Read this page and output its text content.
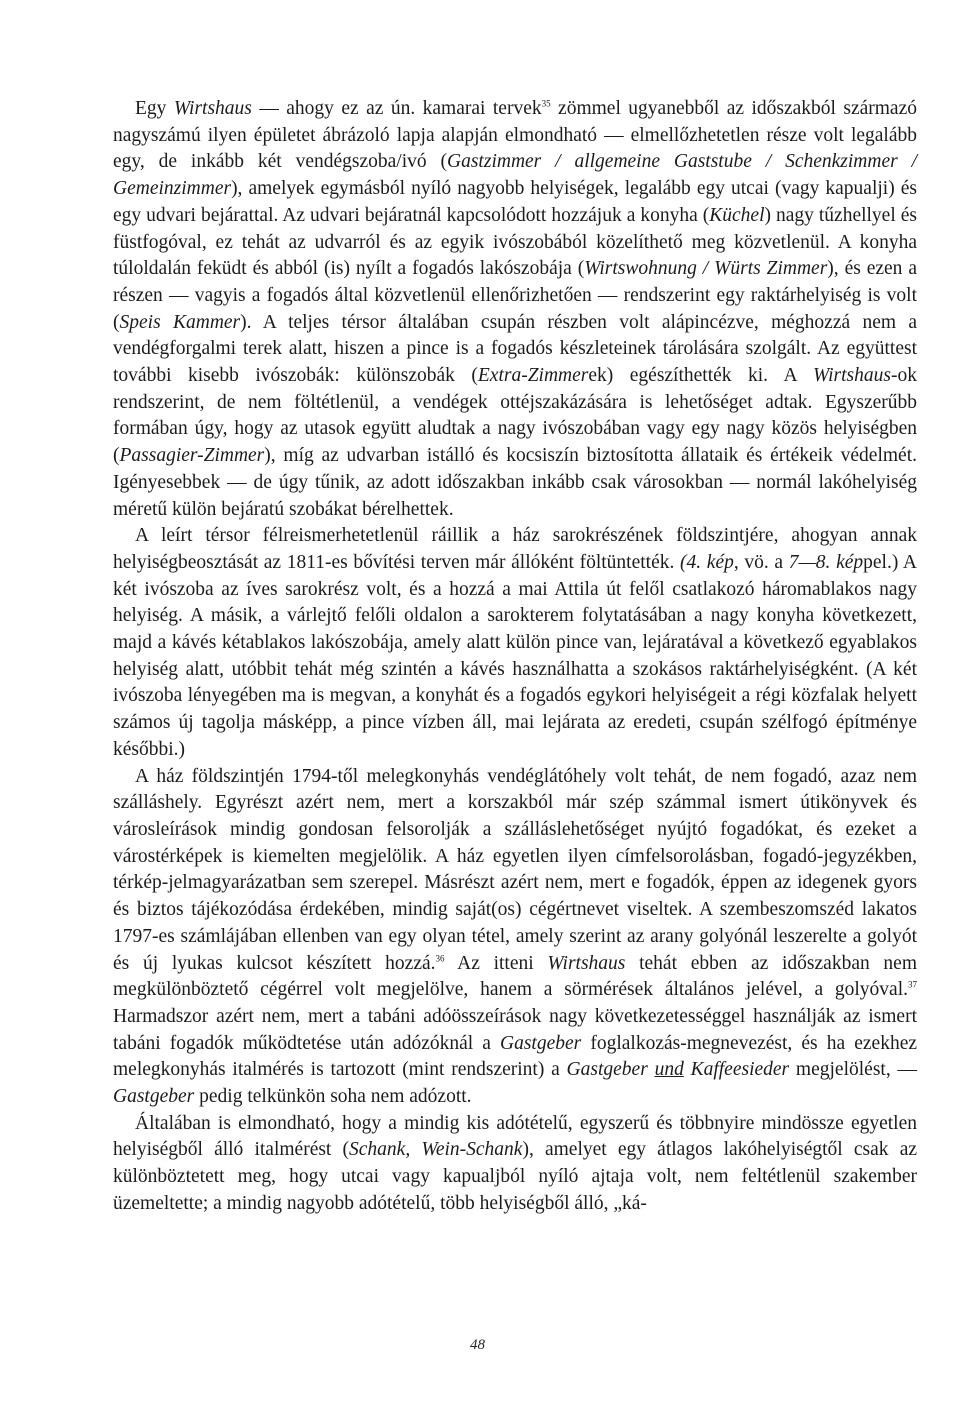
Egy Wirtshaus — ahogy ez az ún. kamarai tervek$^{35}$ zömmel ugyanebből az időszakból származó nagyszámú ilyen épületet ábrázoló lapja alapján elmondható — elmellőzhetetlen része volt legalább egy, de inkább két vendégszoba/ivó (Gastzimmer / allgemeine Gaststube / Schenkzimmer / Gemeinzimmer), amelyek egymásból nyíló nagyobb helyiségek, legalább egy utcai (vagy kapualji) és egy udvari bejárattal. Az udvari bejáratnál kapcsolódott hozzájuk a konyha (Küchel) nagy tűzhellyel és füstfogóval, ez tehát az udvarról és az egyik ivószobából közelíthető meg közvetlenül. A konyha túloldalán feküdt és abból (is) nyílt a fogadós lakószobája (Wirtswohnung / Würts Zimmer), és ezen a részen — vagyis a fogadós által közvetlenül ellenőrizhetően — rendszerint egy raktárhelyiség is volt (Speis Kammer). A teljes térsor általában csupán részben volt alápincézve, méghozzá nem a vendégforgalmi terek alatt, hiszen a pince is a fogadós készleteinek tárolására szolgált. Az együttest további kisebb ivószobák: különszobák (Extra-Zimmerek) egészíthették ki. A Wirtshaus-ok rendszerint, de nem föltétlenül, a vendégek ottéjszakázására is lehetőséget adtak. Egyszerűbb formában úgy, hogy az utasok együtt aludtak a nagy ivószobában vagy egy nagy közös helyiségben (Passagier-Zimmer), míg az udvarban istálló és kocsiszín biztosította állataik és értékeik védelmét. Igényesebbek — de úgy tűnik, az adott időszakban inkább csak városokban — normál lakóhelyiség méretű külön bejáratú szobákat bérelhettek.

A leírt térsor félreismerhetetlenül ráillik a ház sarokrészének földszintjére, ahogyan annak helyiségbeosztását az 1811-es bővítési terven már állóként föltüntették. (4. kép, vö. a 7—8. képpel.) A két ivószoba az íves sarokrész volt, és a hozzá a mai Attila út felől csatlakozó háromablakos nagy helyiség. A másik, a várlejtő felőli oldalon a sarokterem folytatásában a nagy konyha következett, majd a kávés kétablakos lakószobája, amely alatt külön pince van, lejáratával a következő egyablakos helyiség alatt, utóbbit tehát még szintén a kávés használhatta a szokásos raktárhelyiségként. (A két ivószoba lényegében ma is megvan, a konyhát és a fogadós egykori helyiségeit a régi közfalak helyett számos új tagolja másképp, a pince vízben áll, mai lejárata az eredeti, csupán szélfogó építménye későbbi.)

A ház földszintjén 1794-től melegkonyhás vendéglátóhely volt tehát, de nem fogadó, azaz nem szálláshely. Egyrészt azért nem, mert a korszakból már szép számmal ismert útikönyvek és városleírások mindig gondosan felsorolják a szálláslehetőséget nyújtó fogadókat, és ezeket a várostérképek is kiemelten megjelölik. A ház egyetlen ilyen címfelsorolásban, fogadó-jegyzékben, térkép-jelmagyarázatban sem szerepel. Másrészt azért nem, mert e fogadók, éppen az idegenek gyors és biztos tájékozódása érdekében, mindig saját(os) cégértnevet viseltek. A szembeszomszéd lakatos 1797-es számlájában ellenben van egy olyan tétel, amely szerint az arany golyónál leszerelte a golyót és új lyukas kulcsot készített hozzá.$^{36}$ Az itteni Wirtshaus tehát ebben az időszakban nem megkülönböztető cégérrel volt megjelölve, hanem a sörmérések általános jelével, a golyóval.$^{37}$ Harmadszor azért nem, mert a tabáni adóösszeírások nagy következetességgel használják az ismert tabáni fogadók működtetése után adózóknál a Gastgeber foglalkozás-megnevezést, és ha ezekhez melegkonyhás italmérés is tartozott (mint rendszerint) a Gastgeber und Kaffeesieder megjelölést, — Gastgeber pedig telkünkön soha nem adózott.

Általában is elmondható, hogy a mindig kis adótételű, egyszerű és többnyire mindössze egyetlen helyiségből álló italmérést (Schank, Wein-Schank), amelyet egy átlagos lakóhelyiségtől csak az különböztetett meg, hogy utcai vagy kapualjból nyíló ajtaja volt, nem feltétlenül szakember üzemeltette; a mindig nagyobb adótételű, több helyiségből álló, „ká-

48
